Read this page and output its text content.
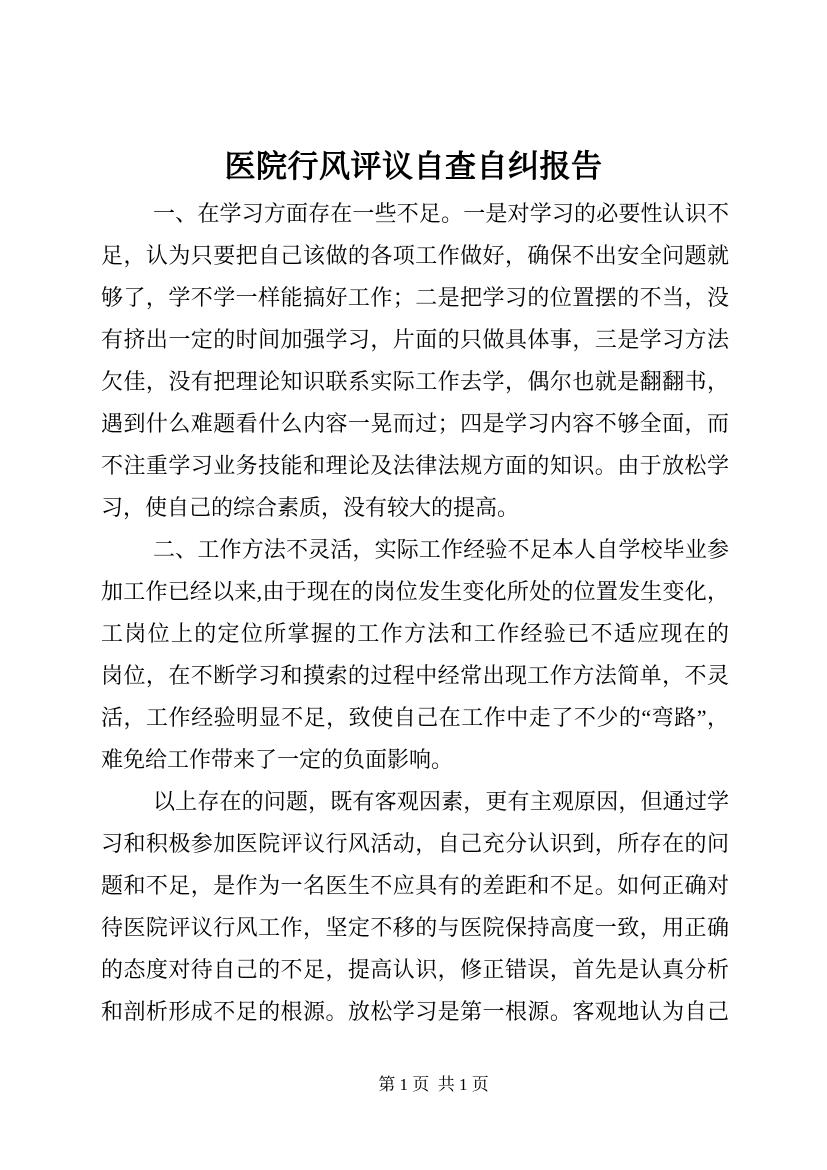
医院行风评议自查自纠报告
一、在学习方面存在一些不足。一是对学习的必要性认识不
足，认为只要把自己该做的各项工作做好，确保不出安全问题就
够了，学不学一样能搞好工作；二是把学习的位置摆的不当，没
有挤出一定的时间加强学习，片面的只做具体事，三是学习方法
欠佳，没有把理论知识联系实际工作去学，偶尔也就是翻翻书，
遇到什么难题看什么内容一晃而过；四是学习内容不够全面，而
不注重学习业务技能和理论及法律法规方面的知识。由于放松学
习，使自己的综合素质，没有较大的提高。
二、工作方法不灵活，实际工作经验不足本人自学校毕业参
加工作已经以来,由于现在的岗位发生变化所处的位置发生变化，
工岗位上的定位所掌握的工作方法和工作经验已不适应现在的
岗位，在不断学习和摸索的过程中经常出现工作方法简单，不灵
活，工作经验明显不足，致使自己在工作中走了不少的“弯路”，
难免给工作带来了一定的负面影响。
以上存在的问题，既有客观因素，更有主观原因，但通过学
习和积极参加医院评议行风活动，自己充分认识到，所存在的问
题和不足，是作为一名医生不应具有的差距和不足。如何正确对
待医院评议行风工作，坚定不移的与医院保持高度一致，用正确
的态度对待自己的不足，提高认识，修正错误，首先是认真分析
和剖析形成不足的根源。放松学习是第一根源。客观地认为自己
第 1 页  共 1 页
